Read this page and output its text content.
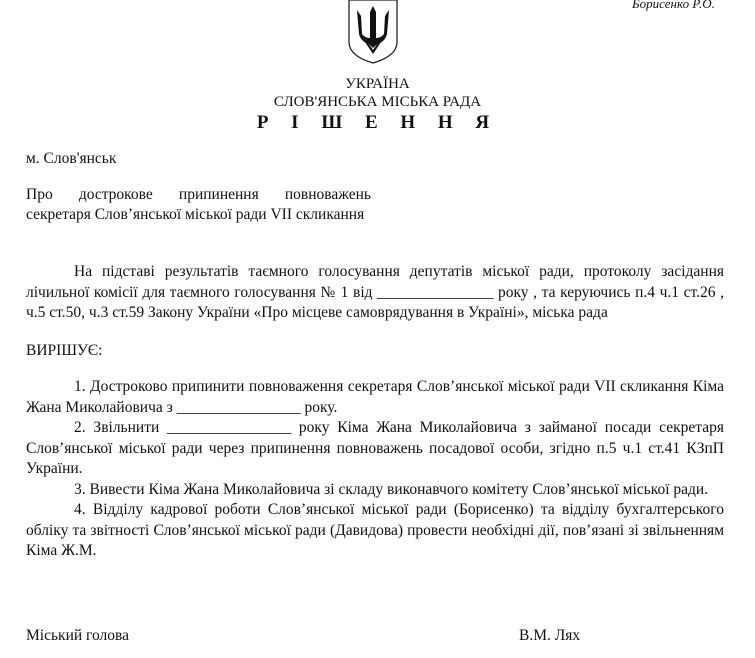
Борисенко Р.О.
УКРАЇНА
СЛОВ'ЯНСЬКА МІСЬКА РАДА
Р І Ш Е Н Н Я
м. Слов'янськ
Про дострокове припинення повноважень секретаря Слов’янської міської ради VII скликання

На підставі результатів таємного голосування депутатів міської ради, протоколу засідання лічильної комісії для таємного голосування № 1 від _______________ року , та керуючись п.4 ч.1 ст.26 , ч.5 ст.50, ч.3 ст.59 Закону України «Про місцеве самоврядування в Україні», міська рада

ВИРІШУЄ:

1. Достроково припинити повноваження секретаря Слов’янської міської ради VII скликання Кіма Жана Миколайовича з ________________ року.

2. Звільнити ________________ року Кіма Жана Миколайовича з займаної посади секретаря Слов’янської міської ради через припинення повноважень посадової особи, згідно п.5 ч.1 ст.41 КЗпП України.

3. Вивести Кіма Жана Миколайовича зі складу виконавчого комітету Слов’янської міської ради.

4. Відділу кадрової роботи Слов’янської міської ради (Борисенко) та відділу бухгалтерського обліку та звітності Слов’янської міської ради (Давидова) провести необхідні дії, пов’язані зі звільненням Кіма Ж.М.

Міський голова	В.М. Лях
